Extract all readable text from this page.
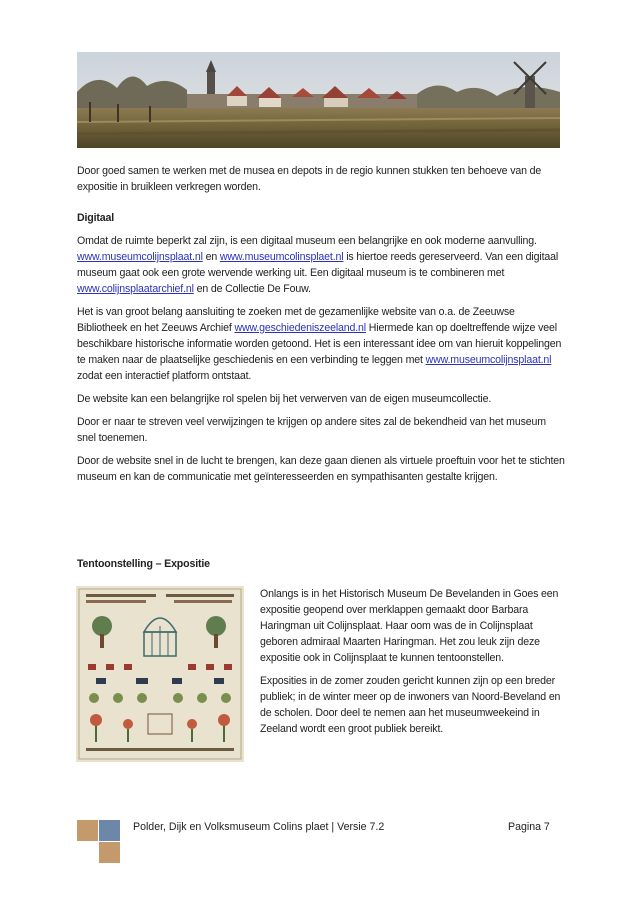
Door goed samen te werken met de musea en depots in de regio kunnen stukken ten behoeve van de expositie in bruikleen verkregen worden.

Digitaal

Omdat de ruimte beperkt zal zijn, is een digitaal museum een belangrijke en ook moderne aanvulling.
www.museumcolijnsplaat.nl en www.museumcolinsplaet.nl is hiertoe reeds gereserveerd. Van een digitaal museum gaat ook een grote wervende werking uit. Een digitaal museum is te combineren met www.colijnsplaatarchief.nl en de Collectie De Fouw.

Het is van groot belang aansluiting te zoeken met de gezamenlijke website van o.a. de Zeeuwse Bibliotheek en het Zeeuws Archief www.geschiedeniszeeland.nl Hiermede kan op doeltreffende wijze veel beschikbare historische informatie worden getoond. Het is een interessant idee om van hieruit koppelingen te maken naar de plaatselijke geschiedenis en een verbinding te leggen met www.museumcolijnsplaat.nl zodat een interactief platform ontstaat.

De website kan een belangrijke rol spelen bij het verwerven van de eigen museumcollectie.

Door er naar te streven veel verwijzingen te krijgen op andere sites zal de bekendheid van het museum snel toenemen.

Door de website snel in de lucht te brengen, kan deze gaan dienen als virtuele proeftuin voor het te stichten museum en kan de communicatie met geïnteresseerden en sympathisanten gestalte krijgen.

Tentoonstelling – Expositie

Onlangs is in het Historisch Museum De Bevelanden in Goes een expositie geopend over merklappen gemaakt door Barbara Haringman uit Colijnsplaat. Haar oom was de in Colijnsplaat geboren admiraal Maarten Haringman. Het zou leuk zijn deze expositie ook in Colijnsplaat te kunnen tentoonstellen.

Exposities in de zomer zouden gericht kunnen zijn op een breder publiek; in de winter meer op de inwoners van Noord-Beveland en de scholen. Door deel te nemen aan het museumweekeind in Zeeland wordt een groot publiek bereikt.

Polder, Dijk en Volksmuseum Colins plaet | Versie 7.2	Pagina 7
